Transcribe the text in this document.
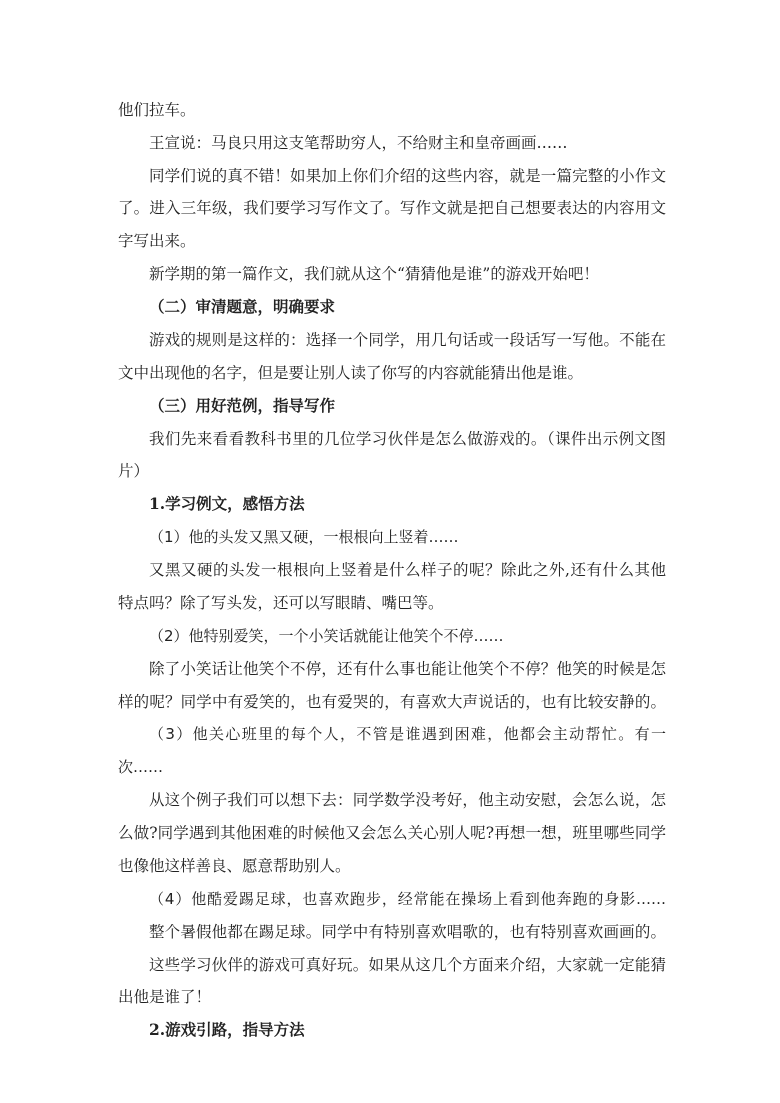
他们拉车。
王宣说：马良只用这支笔帮助穷人，不给财主和皇帝画画……
同学们说的真不错！如果加上你们介绍的这些内容，就是一篇完整的小作文
了。进入三年级，我们要学习写作文了。写作文就是把自己想要表达的内容用文
字写出来。
新学期的第一篇作文，我们就从这个“猜猜他是谁”的游戏开始吧！
（二）审清题意，明确要求
游戏的规则是这样的：选择一个同学，用几句话或一段话写一写他。不能在
文中出现他的名字，但是要让别人读了你写的内容就能猜出他是谁。
（三）用好范例，指导写作
我们先来看看教科书里的几位学习伙伴是怎么做游戏的。（课件出示例文图
片）
1.学习例文，感悟方法
（1）他的头发又黑又硬，一根根向上竖着……
又黑又硬的头发一根根向上竖着是什么样子的呢？除此之外,还有什么其他
特点吗？除了写头发，还可以写眼睛、嘴巴等。
（2）他特别爱笑，一个小笑话就能让他笑个不停……
除了小笑话让他笑个不停，还有什么事也能让他笑个不停？他笑的时候是怎
样的呢？同学中有爱笑的，也有爱哭的，有喜欢大声说话的，也有比较安静的。
（3）他关心班里的每个人，不管是谁遇到困难，他都会主动帮忙。有一
次……
从这个例子我们可以想下去：同学数学没考好，他主动安慰，会怎么说，怎
么做?同学遇到其他困难的时候他又会怎么关心别人呢?再想一想，班里哪些同学
也像他这样善良、愿意帮助别人。
（4）他酷爱踢足球，也喜欢跑步，经常能在操场上看到他奔跑的身影……
整个暑假他都在踢足球。同学中有特别喜欢唱歌的，也有特别喜欢画画的。
这些学习伙伴的游戏可真好玩。如果从这几个方面来介绍，大家就一定能猜
出他是谁了！
2.游戏引路，指导方法
